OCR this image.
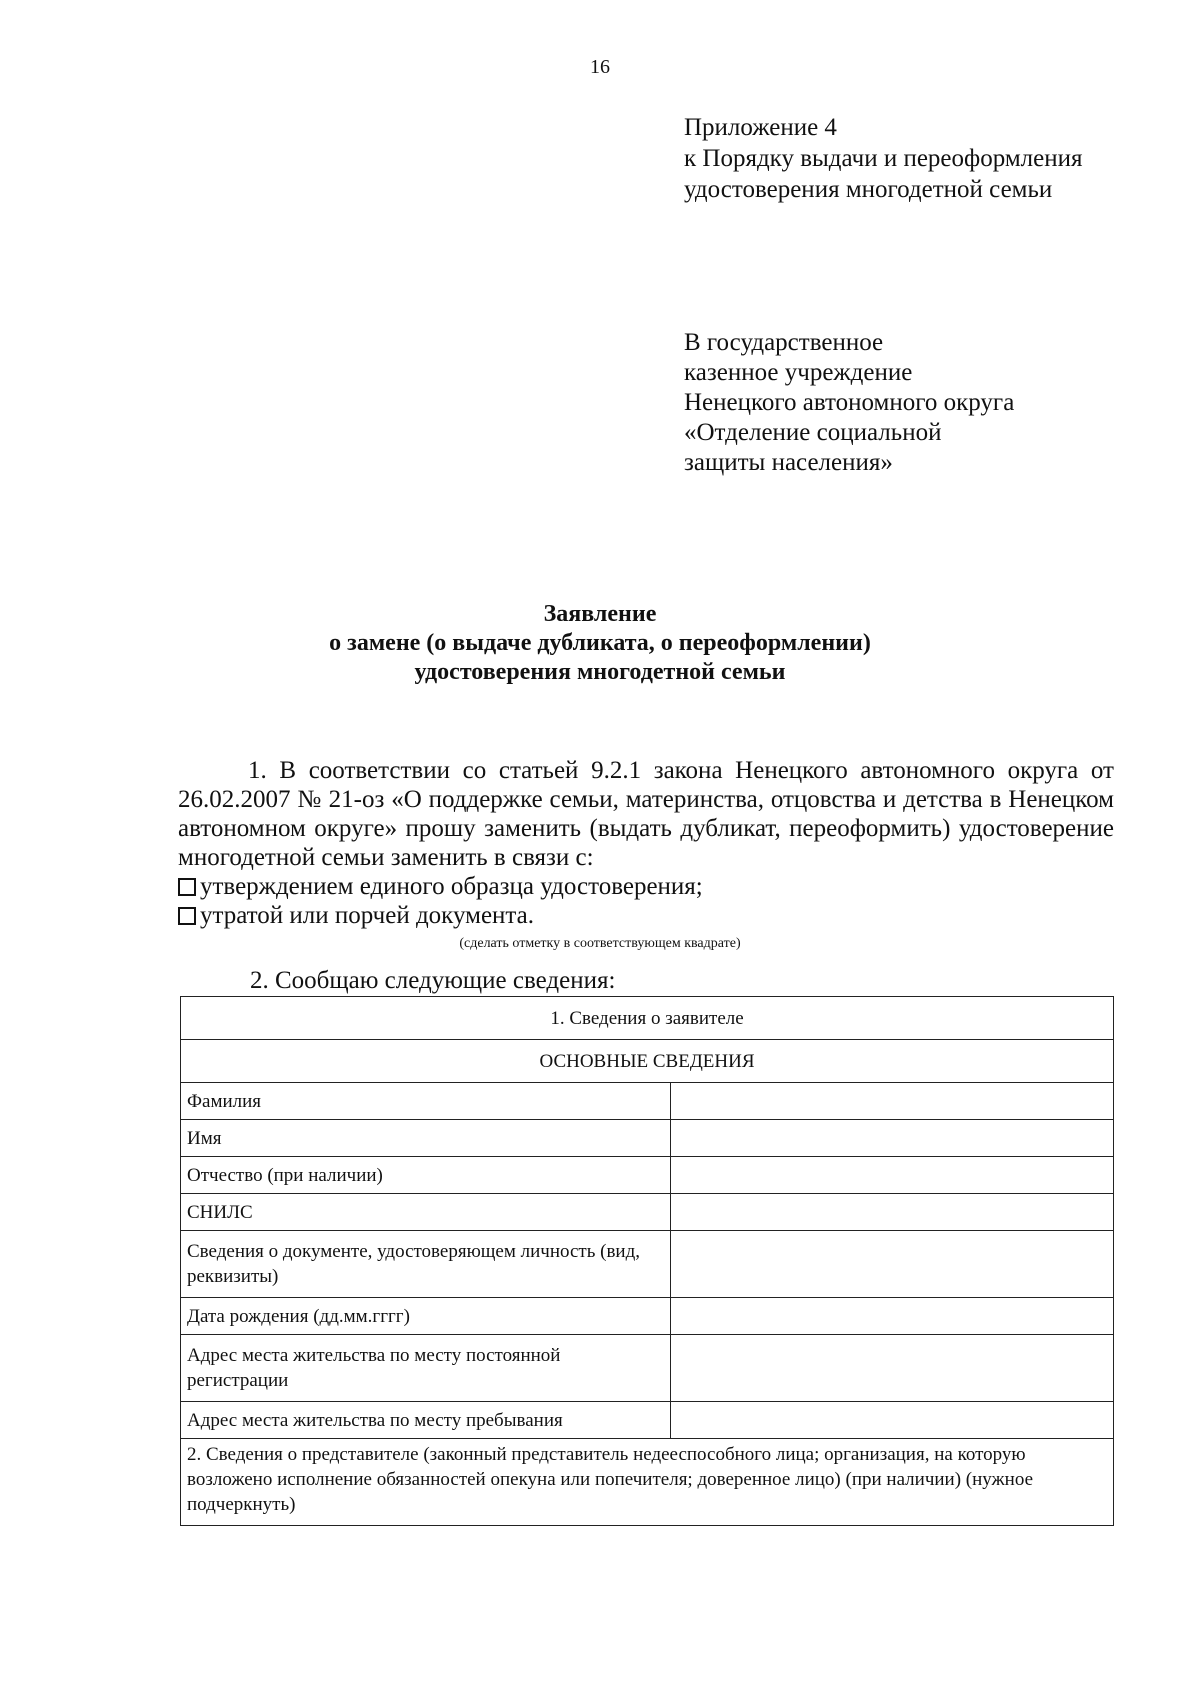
16
Приложение 4
к Порядку выдачи и переоформления
удостоверения многодетной семьи
В государственное
казенное учреждение
Ненецкого автономного округа
«Отделение социальной
защиты населения»
Заявление
о замене (о выдаче дубликата, о переоформлении)
удостоверения многодетной семьи

1. В соответствии со статьей 9.2.1 закона Ненецкого автономного округа от 26.02.2007 № 21-оз «О поддержке семьи, материнства, отцовства и детства в Ненецком автономном округе» прошу заменить (выдать дубликат, переоформить) удостоверение многодетной семьи заменить в связи с:

утверждением единого образца удостоверения;
утратой или порчей документа.
(сделать отметку в соответствующем квадрате)
2. Сообщаю следующие сведения:
1. Сведения о заявителе	
ОСНОВНЫЕ СВЕДЕНИЯ	
Фамилия	
Имя	
Отчество (при наличии)	
СНИЛС	
Сведения о документе, удостоверяющем личность (вид, реквизиты)	
Дата рождения (дд.мм.гггг)	
Адрес места жительства по месту постоянной регистрации	
Адрес места жительства по месту пребывания	
2. Сведения о представителе (законный представитель недееспособного лица; организация, на которую возложено исполнение обязанностей опекуна или попечителя; доверенное лицо) (при наличии) (нужное подчеркнуть)	
